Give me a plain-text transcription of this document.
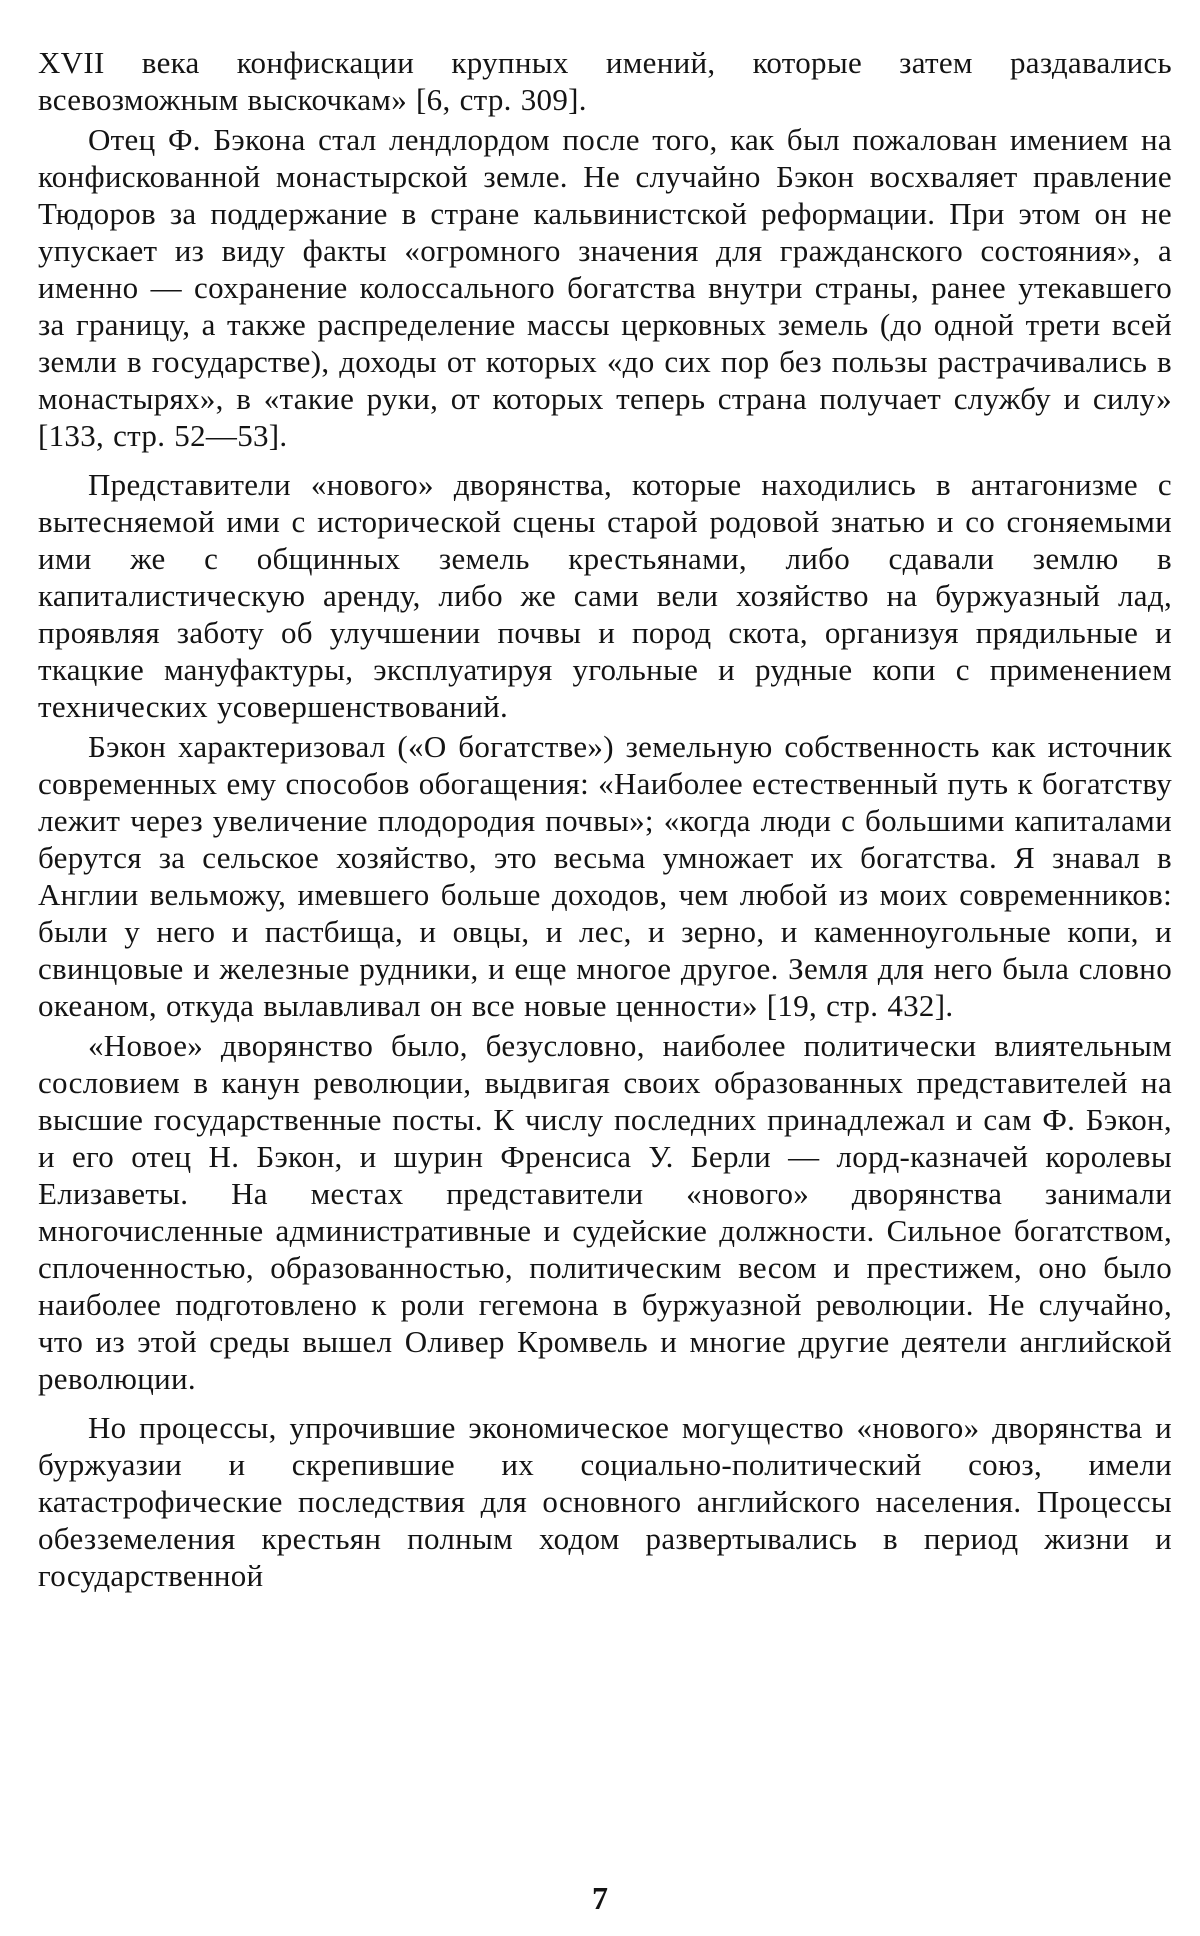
XVII века конфискации крупных имений, которые затем раздавались всевозможным выскочкам» [6, стр. 309].

Отец Ф. Бэкона стал лендлордом после того, как был пожалован имением на конфискованной монастырской земле. Не случайно Бэкон восхваляет правление Тюдоров за поддержание в стране кальвинистской реформации. При этом он не упускает из виду факты «огромного значения для гражданского состояния», а именно — сохранение колоссального богатства внутри страны, ранее утекавшего за границу, а также распределение массы церковных земель (до одной трети всей земли в государстве), доходы от которых «до сих пор без пользы растрачивались в монастырях», в «такие руки, от которых теперь страна получает службу и силу» [133, стр. 52—53].

Представители «нового» дворянства, которые находились в антагонизме с вытесняемой ими с исторической сцены старой родовой знатью и со сгоняемыми ими же с общинных земель крестьянами, либо сдавали землю в капиталистическую аренду, либо же сами вели хозяйство на буржуазный лад, проявляя заботу об улучшении почвы и пород скота, организуя прядильные и ткацкие мануфактуры, эксплуатируя угольные и рудные копи с применением технических усовершенствований.

Бэкон характеризовал («О богатстве») земельную собственность как источник современных ему способов обогащения: «Наиболее естественный путь к богатству лежит через увеличение плодородия почвы»; «когда люди с большими капиталами берутся за сельское хозяйство, это весьма умножает их богатства. Я знавал в Англии вельможу, имевшего больше доходов, чем любой из моих современников: были у него и пастбища, и овцы, и лес, и зерно, и каменноугольные копи, и свинцовые и железные рудники, и еще многое другое. Земля для него была словно океаном, откуда вылавливал он все новые ценности» [19, стр. 432].

«Новое» дворянство было, безусловно, наиболее политически влиятельным сословием в канун революции, выдвигая своих образованных представителей на высшие государственные посты. К числу последних принадлежал и сам Ф. Бэкон, и его отец Н. Бэкон, и шурин Френсиса У. Берли — лорд-казначей королевы Елизаветы. На местах представители «нового» дворянства занимали многочисленные административные и судейские должности. Сильное богатством, сплоченностью, образованностью, политическим весом и престижем, оно было наиболее подготовлено к роли гегемона в буржуазной революции. Не случайно, что из этой среды вышел Оливер Кромвель и многие другие деятели английской революции.

Но процессы, упрочившие экономическое могущество «нового» дворянства и буржуазии и скрепившие их социально-политический союз, имели катастрофические последствия для основного английского населения. Процессы обезземеления крестьян полным ходом развертывались в период жизни и государственной

7
